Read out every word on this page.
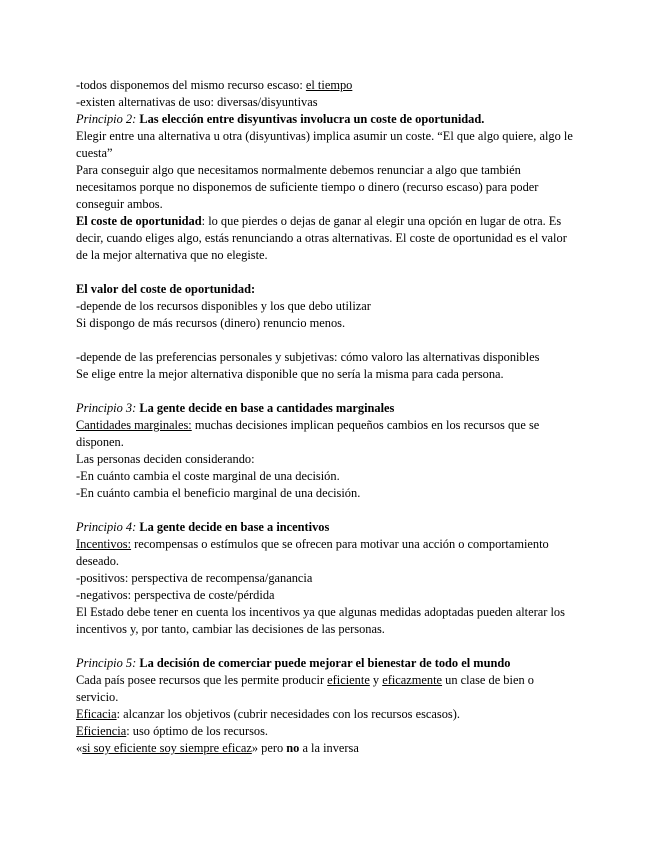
-todos disponemos del mismo recurso escaso: el tiempo

-existen alternativas de uso: diversas/disyuntivas

Principio 2: Las elección entre disyuntivas involucra un coste de oportunidad.

Elegir entre una alternativa u otra (disyuntivas) implica asumir un coste. “El que algo quiere, algo le cuesta”

Para conseguir algo que necesitamos normalmente debemos renunciar a algo que también necesitamos porque no disponemos de suficiente tiempo o dinero (recurso escaso) para poder conseguir ambos.

El coste de oportunidad: lo que pierdes o dejas de ganar al elegir una opción en lugar de otra. Es decir, cuando eliges algo, estás renunciando a otras alternativas. El coste de oportunidad es el valor de la mejor alternativa que no elegiste.

El valor del coste de oportunidad:

-depende de los recursos disponibles y los que debo utilizar

Si dispongo de más recursos (dinero) renuncio menos.

-depende de las preferencias personales y subjetivas: cómo valoro las alternativas disponibles

Se elige entre la mejor alternativa disponible que no sería la misma para cada persona.

Principio 3: La gente decide en base a cantidades marginales

Cantidades marginales: muchas decisiones implican pequeños cambios en los recursos que se disponen.

Las personas deciden considerando:

-En cuánto cambia el coste marginal de una decisión.

-En cuánto cambia el beneficio marginal de una decisión.

Principio 4: La gente decide en base a incentivos

Incentivos: recompensas o estímulos que se ofrecen para motivar una acción o comportamiento deseado.

-positivos: perspectiva de recompensa/ganancia

-negativos: perspectiva de coste/pérdida

El Estado debe tener en cuenta los incentivos ya que algunas medidas adoptadas pueden alterar los incentivos y, por tanto, cambiar las decisiones de las personas.

Principio 5: La decisión de comerciar puede mejorar el bienestar de todo el mundo

Cada país posee recursos que les permite producir eficiente y eficazmente un clase de bien o servicio.

Eficacia: alcanzar los objetivos (cubrir necesidades con los recursos escasos).

Eficiencia: uso óptimo de los recursos.

«si soy eficiente soy siempre eficaz» pero no a la inversa
